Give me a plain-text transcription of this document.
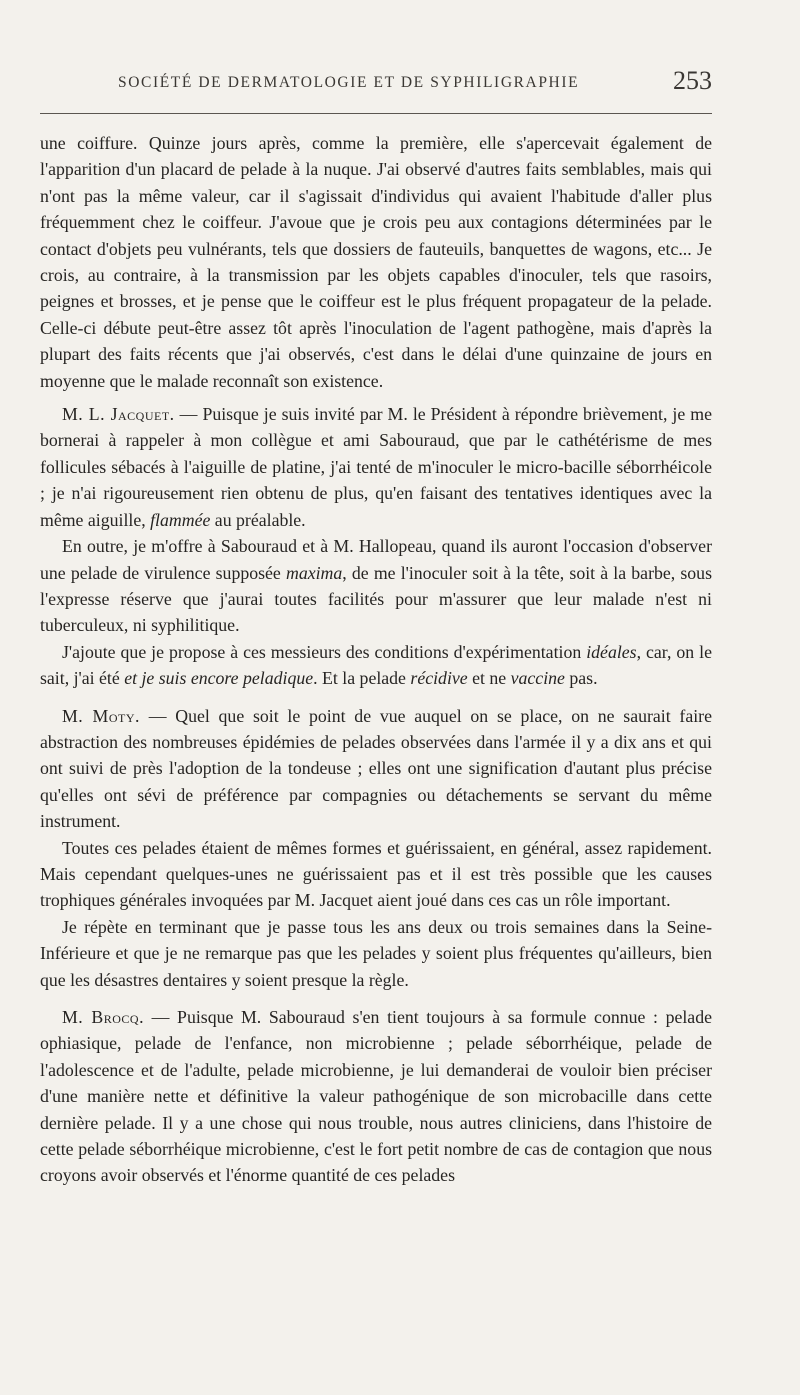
SOCIÉTÉ DE DERMATOLOGIE ET DE SYPHILIGRAPHIE	253

une coiffure. Quinze jours après, comme la première, elle s'apercevait également de l'apparition d'un placard de pelade à la nuque. J'ai observé d'autres faits semblables, mais qui n'ont pas la même valeur, car il s'agissait d'individus qui avaient l'habitude d'aller plus fréquemment chez le coiffeur. J'avoue que je crois peu aux contagions déterminées par le contact d'objets peu vulnérants, tels que dossiers de fauteuils, banquettes de wagons, etc... Je crois, au contraire, à la transmission par les objets capables d'inoculer, tels que rasoirs, peignes et brosses, et je pense que le coiffeur est le plus fréquent propagateur de la pelade. Celle-ci débute peut-être assez tôt après l'inoculation de l'agent pathogène, mais d'après la plupart des faits récents que j'ai observés, c'est dans le délai d'une quinzaine de jours en moyenne que le malade reconnaît son existence.

M. L. Jacquet. — Puisque je suis invité par M. le Président à répondre brièvement, je me bornerai à rappeler à mon collègue et ami Sabouraud, que par le cathétérisme de mes follicules sébacés à l'aiguille de platine, j'ai tenté de m'inoculer le micro-bacille séborrhéicole ; je n'ai rigoureusement rien obtenu de plus, qu'en faisant des tentatives identiques avec la même aiguille, flammée au préalable.

En outre, je m'offre à Sabouraud et à M. Hallopeau, quand ils auront l'occasion d'observer une pelade de virulence supposée maxima, de me l'inoculer soit à la tête, soit à la barbe, sous l'expresse réserve que j'aurai toutes facilités pour m'assurer que leur malade n'est ni tuberculeux, ni syphilitique.

J'ajoute que je propose à ces messieurs des conditions d'expérimentation idéales, car, on le sait, j'ai été et je suis encore peladique. Et la pelade récidive et ne vaccine pas.

M. Moty. — Quel que soit le point de vue auquel on se place, on ne saurait faire abstraction des nombreuses épidémies de pelades observées dans l'armée il y a dix ans et qui ont suivi de près l'adoption de la tondeuse ; elles ont une signification d'autant plus précise qu'elles ont sévi de préférence par compagnies ou détachements se servant du même instrument.

Toutes ces pelades étaient de mêmes formes et guérissaient, en général, assez rapidement. Mais cependant quelques-unes ne guérissaient pas et il est très possible que les causes trophiques générales invoquées par M. Jacquet aient joué dans ces cas un rôle important.

Je répète en terminant que je passe tous les ans deux ou trois semaines dans la Seine-Inférieure et que je ne remarque pas que les pelades y soient plus fréquentes qu'ailleurs, bien que les désastres dentaires y soient presque la règle.

M. Brocq. — Puisque M. Sabouraud s'en tient toujours à sa formule connue : pelade ophiasique, pelade de l'enfance, non microbienne ; pelade séborrhéique, pelade de l'adolescence et de l'adulte, pelade microbienne, je lui demanderai de vouloir bien préciser d'une manière nette et définitive la valeur pathogénique de son microbacille dans cette dernière pelade. Il y a une chose qui nous trouble, nous autres cliniciens, dans l'histoire de cette pelade séborrhéique microbienne, c'est le fort petit nombre de cas de contagion que nous croyons avoir observés et l'énorme quantité de ces pelades
